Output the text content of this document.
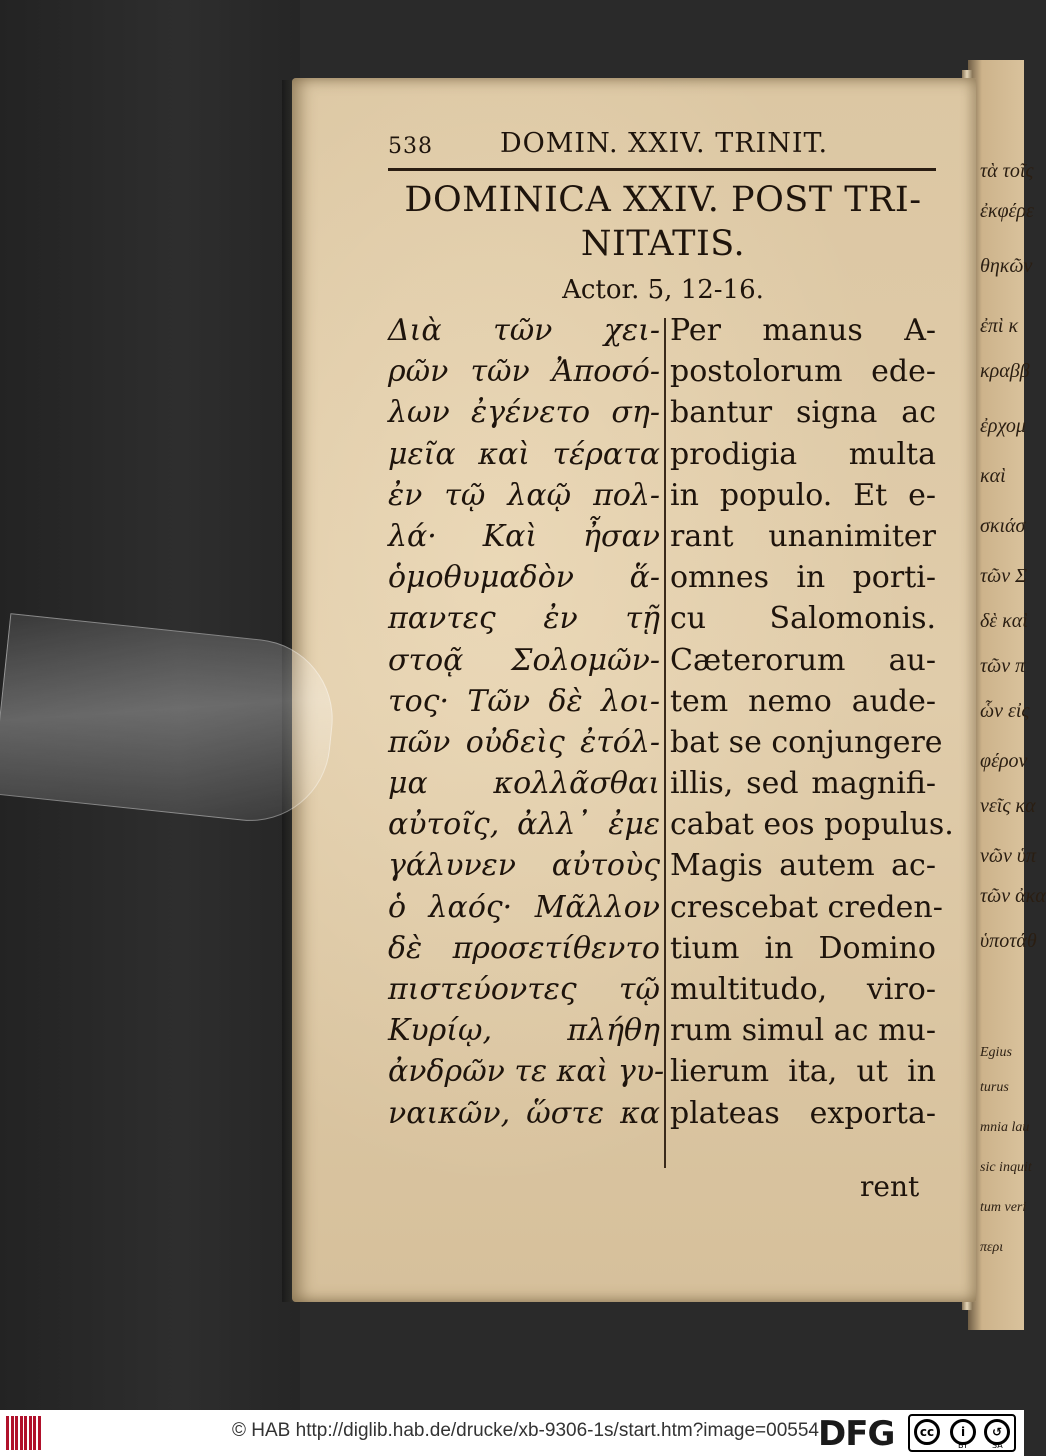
τὰ τοῖς
ἐκφέρε
θηκῶν
ἐπὶ κ
κραββ
ἐρχομ
καὶ
σκιάσ
τῶν Σ
δὲ καὶ
τῶν π
ὧν εἰς
φέρον
νεῖς κα
νῶν ὑπ
τῶν ἀκα
ὑποτάθ
Egius
turus
mnia lau
sic inquit
tum veri
περι
538 DOMIN. XXIV. TRINIT.
DOMINICA XXIV. POST TRI-
NITATIS.
Actor. 5, 12-16.
Διὰ τῶν χει-
ρῶν τῶν Ἀποσό-
λων ἐγένετο ση-
μεῖα καὶ τέρατα
ἐν τῷ λαῷ πολ-
λά· Καὶ ἦσαν
ὁμοθυμαδὸν ἅ-
παντες ἐν τῇ
στοᾷ Σολομῶν-
τος· Τῶν δὲ λοι-
πῶν οὐδεὶς ἐτόλ-
μα κολλᾶσθαι
αὐτοῖς, ἀλλ᾽ ἐμε
γάλυνεν αὐτοὺς
ὁ λαός· Μᾶλλον
δὲ προσετίθεντο
πιστεύοντες τῷ
Κυρίῳ, πλήθη
ἀνδρῶν τε καὶ γυ-
ναικῶν, ὥστε κα
Per manus A-
postolorum ede-
bantur signa ac
prodigia multa
in populo. Et e-
rant unanimiter
omnes in porti-
cu Salomonis.
Cæterorum au-
tem nemo aude-
bat se conjungere
illis, sed magnifi-
cabat eos populus.
Magis autem ac-
crescebat creden-
tium in Domino
multitudo, viro-
rum simul ac mu-
lierum ita, ut in
plateas exporta-
rent
© HAB http://diglib.hab.de/drucke/xb-9306-1s/start.htm?image=00554 DFG	cc	i	↺
BY	SA
